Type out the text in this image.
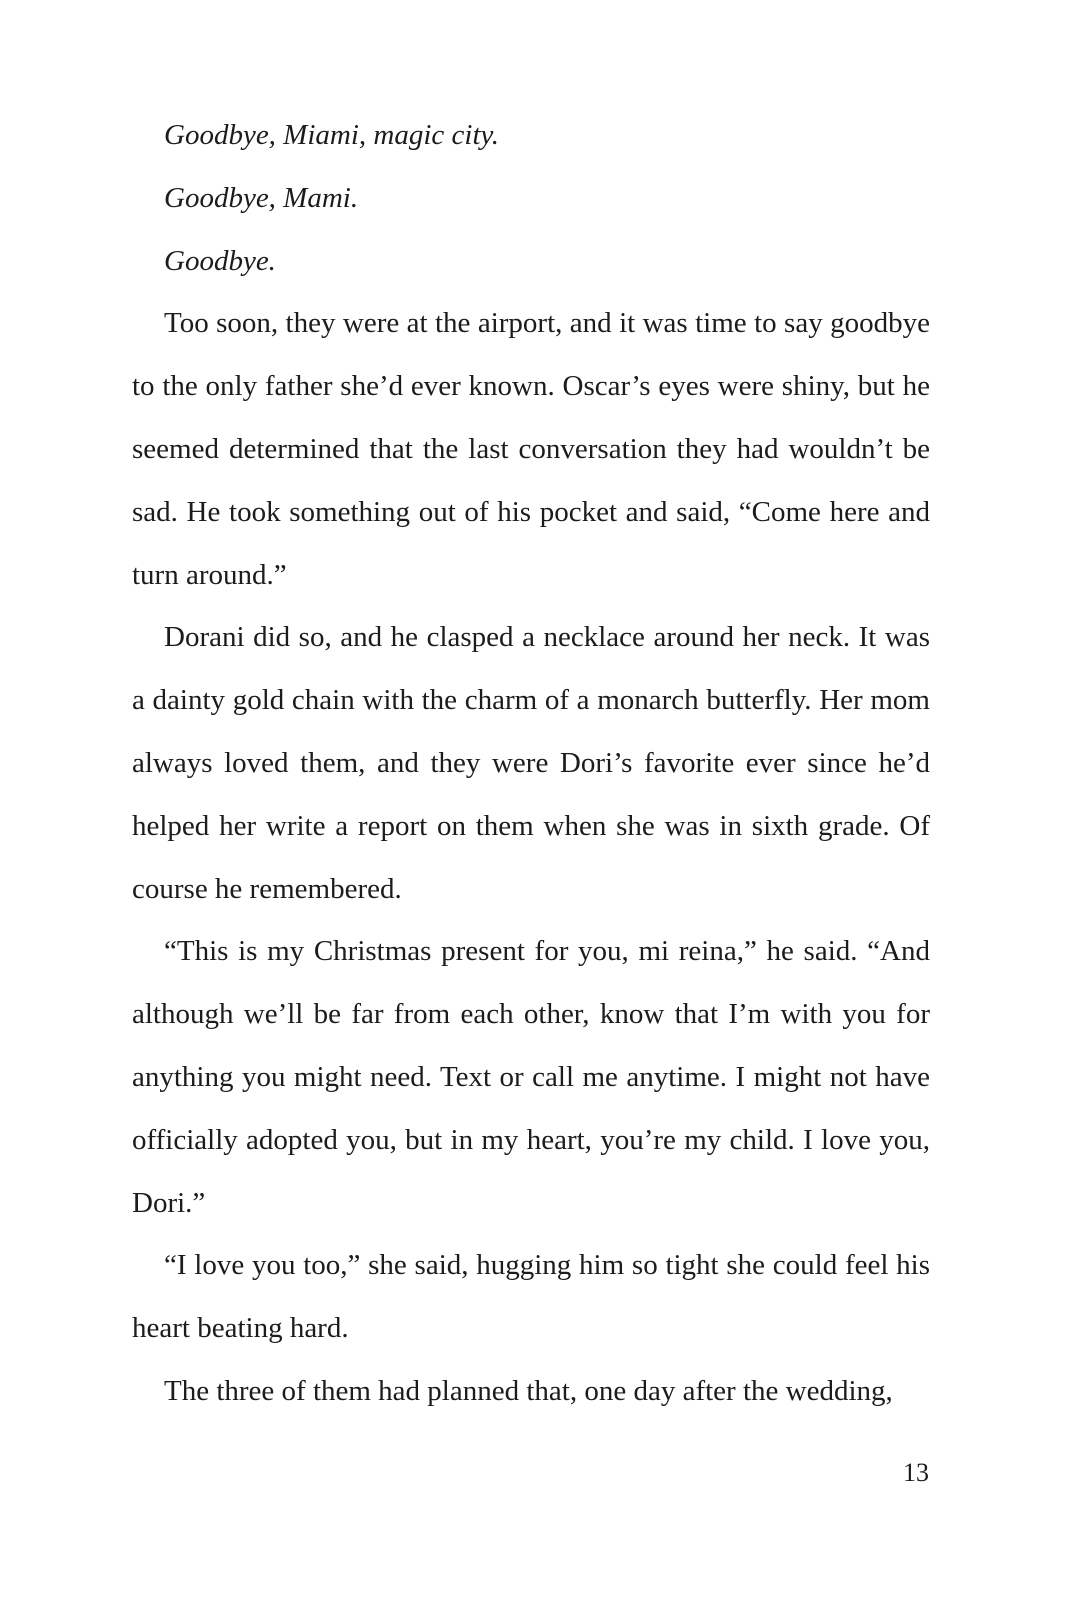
Goodbye, Miami, magic city.

Goodbye, Mami.

Goodbye.

Too soon, they were at the airport, and it was time to say goodbye to the only father she’d ever known. Oscar’s eyes were shiny, but he seemed determined that the last conversation they had wouldn’t be sad. He took something out of his pocket and said, “Come here and turn around.”

Dorani did so, and he clasped a necklace around her neck. It was a dainty gold chain with the charm of a monarch butterfly. Her mom always loved them, and they were Dori’s favorite ever since he’d helped her write a report on them when she was in sixth grade. Of course he remembered.

“This is my Christmas present for you, mi reina,” he said. “And although we’ll be far from each other, know that I’m with you for anything you might need. Text or call me anytime. I might not have officially adopted you, but in my heart, you’re my child. I love you, Dori.”

“I love you too,” she said, hugging him so tight she could feel his heart beating hard.

The three of them had planned that, one day after the wedding,

13
